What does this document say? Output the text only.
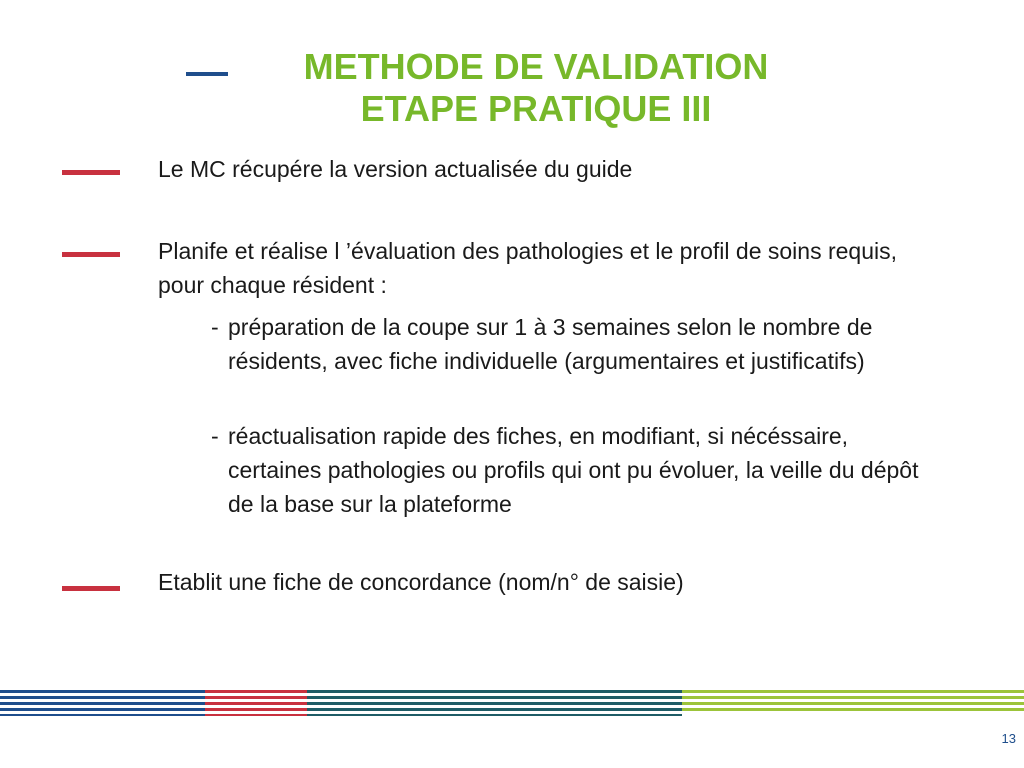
METHODE DE VALIDATION
ETAPE PRATIQUE III
Le MC récupére la version actualisée du guide
Planife et réalise l ’évaluation des pathologies et le profil de soins requis, pour chaque résident :
- préparation de la coupe sur 1 à 3 semaines selon le nombre de résidents, avec fiche individuelle (argumentaires et justificatifs)
- réactualisation rapide des fiches, en modifiant, si nécéssaire, certaines pathologies ou profils qui ont pu évoluer, la veille du dépôt de la base sur la plateforme
Etablit une fiche de concordance (nom/n° de saisie)
13
